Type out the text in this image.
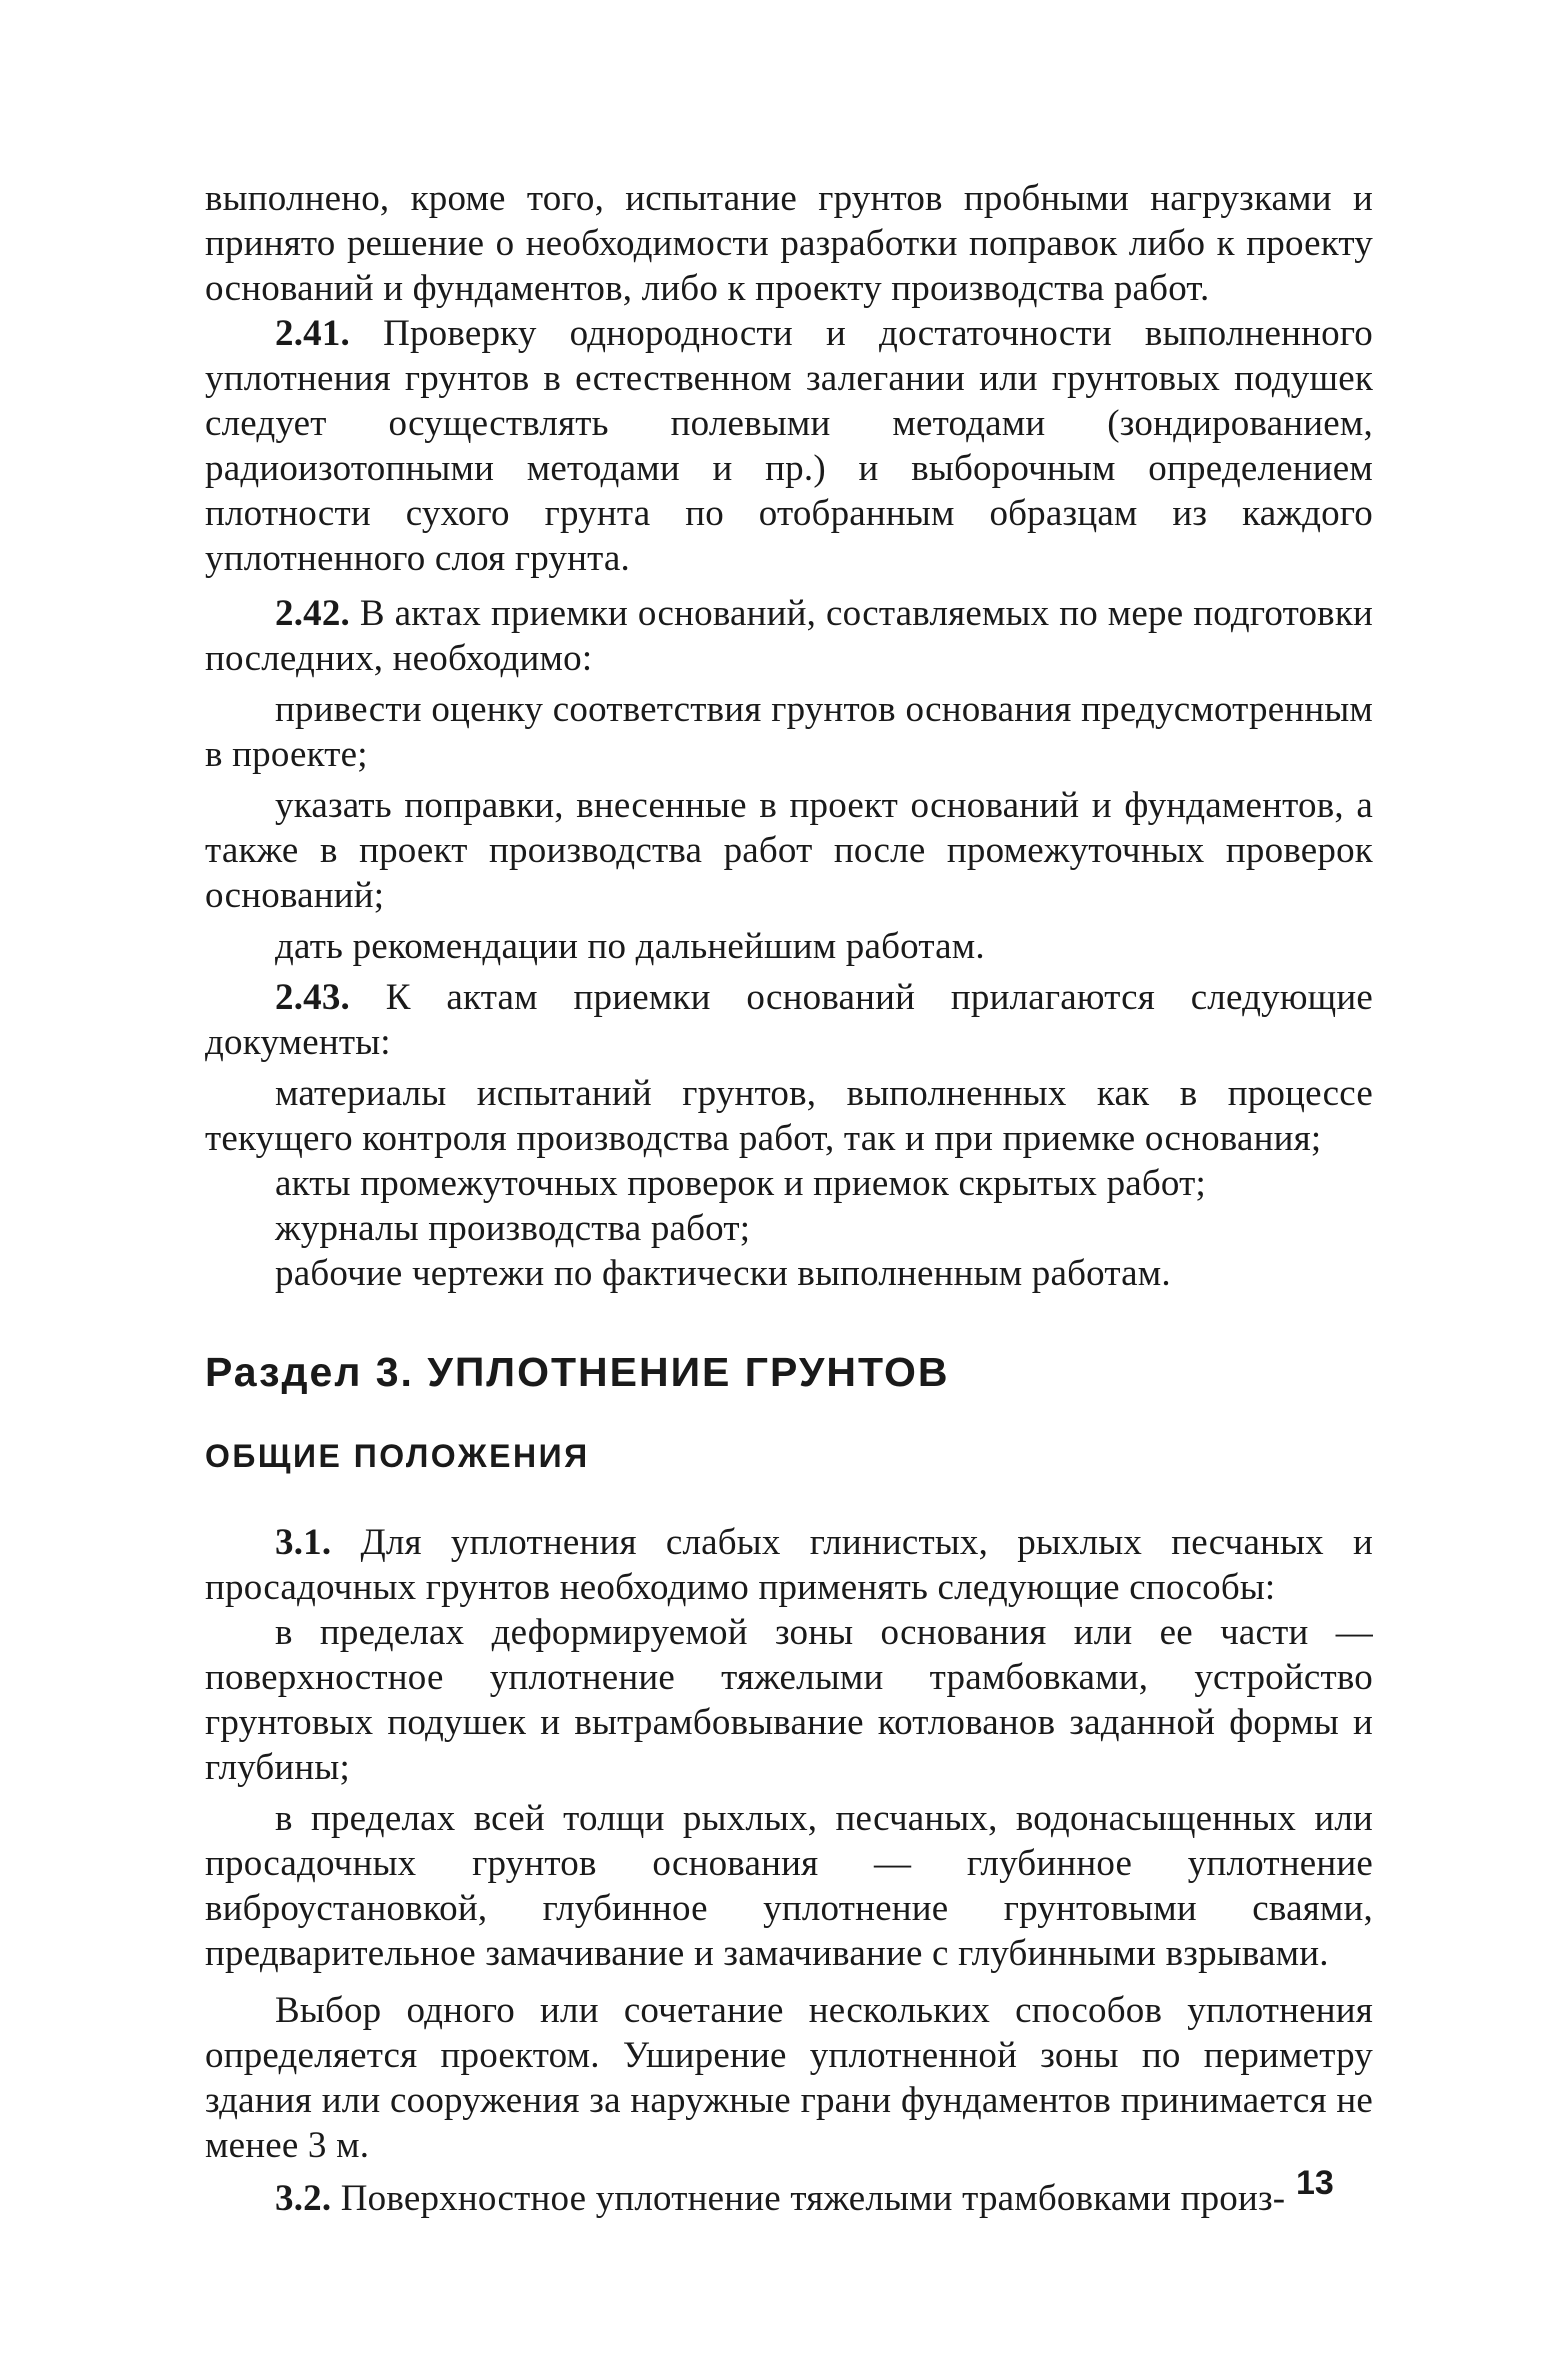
выполнено, кроме того, испытание грунтов пробными нагрузками и принято решение о необходимости разработки поправок либо к проекту оснований и фундаментов, либо к проекту производства работ.

2.41. Проверку однородности и достаточности выполненного уплотнения грунтов в естественном залегании или грунтовых подушек следует осуществлять полевыми методами (зондированием, радиоизотопными методами и пр.) и выборочным определением плотности сухого грунта по отобранным образцам из каждого уплотненного слоя грунта.

2.42. В актах приемки оснований, составляемых по мере подготовки последних, необходимо:

привести оценку соответствия грунтов основания предусмотренным в проекте;

указать поправки, внесенные в проект оснований и фундаментов, а также в проект производства работ после промежуточных проверок оснований;

дать рекомендации по дальнейшим работам.

2.43. К актам приемки оснований прилагаются следующие документы:

материалы испытаний грунтов, выполненных как в процессе текущего контроля производства работ, так и при приемке основания;

акты промежуточных проверок и приемок скрытых работ;

журналы производства работ;

рабочие чертежи по фактически выполненным работам.

Раздел 3. УПЛОТНЕНИЕ ГРУНТОВ
ОБЩИЕ ПОЛОЖЕНИЯ

3.1. Для уплотнения слабых глинистых, рыхлых песчаных и просадочных грунтов необходимо применять следующие способы:

в пределах деформируемой зоны основания или ее части — поверхностное уплотнение тяжелыми трамбовками, устройство грунтовых подушек и вытрамбовывание котлованов заданной формы и глубины;

в пределах всей толщи рыхлых, песчаных, водонасыщенных или просадочных грунтов основания — глубинное уплотнение виброустановкой, глубинное уплотнение грунтовыми сваями, предварительное замачивание и замачивание с глубинными взрывами.

Выбор одного или сочетание нескольких способов уплотнения определяется проектом. Уширение уплотненной зоны по периметру здания или сооружения за наружные грани фундаментов принимается не менее 3 м.

3.2. Поверхностное уплотнение тяжелыми трамбовками произ- 13
